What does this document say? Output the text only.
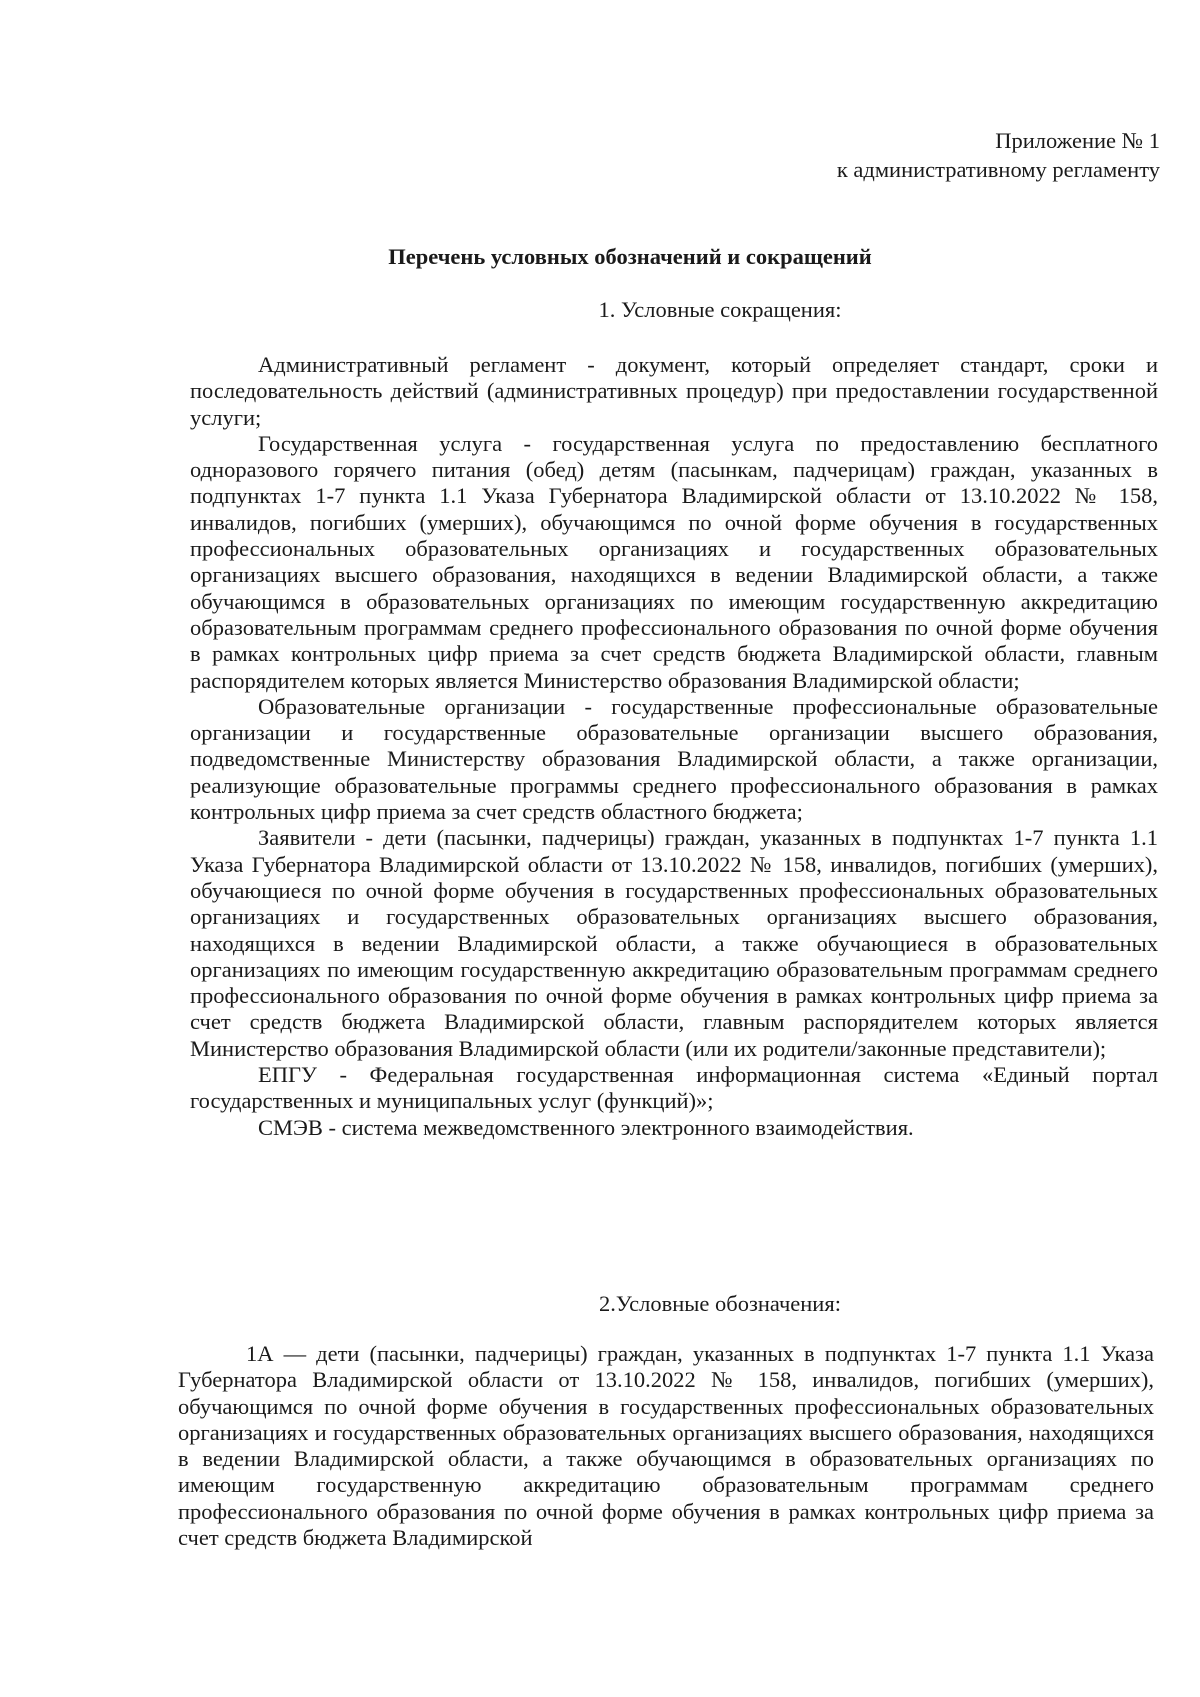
Приложение № 1
к административному регламенту
Перечень условных обозначений и сокращений
1. Условные сокращения:

Административный регламент - документ, который определяет стандарт, сроки и последовательность действий (административных процедур) при предоставлении государственной услуги;

Государственная услуга - государственная услуга по предоставлению бесплатного одноразового горячего питания (обед) детям (пасынкам, падчерицам) граждан, указанных в подпунктах 1-7 пункта 1.1 Указа Губернатора Владимирской области от 13.10.2022 № 158, инвалидов, погибших (умерших), обучающимся по очной форме обучения в государственных профессиональных образовательных организациях и государственных образовательных организациях высшего образования, находящихся в ведении Владимирской области, а также обучающимся в образовательных организациях по имеющим государственную аккредитацию образовательным программам среднего профессионального образования по очной форме обучения в рамках контрольных цифр приема за счет средств бюджета Владимирской области, главным распорядителем которых является Министерство образования Владимирской области;

Образовательные организации - государственные профессиональные образовательные организации и государственные образовательные организации высшего образования, подведомственные Министерству образования Владимирской области, а также организации, реализующие образовательные программы среднего профессионального образования в рамках контрольных цифр приема за счет средств областного бюджета;

Заявители - дети (пасынки, падчерицы) граждан, указанных в подпунктах 1-7 пункта 1.1 Указа Губернатора Владимирской области от 13.10.2022 № 158, инвалидов, погибших (умерших), обучающиеся по очной форме обучения в государственных профессиональных образовательных организациях и государственных образовательных организациях высшего образования, находящихся в ведении Владимирской области, а также обучающиеся в образовательных организациях по имеющим государственную аккредитацию образовательным программам среднего профессионального образования по очной форме обучения в рамках контрольных цифр приема за счет средств бюджета Владимирской области, главным распорядителем которых является Министерство образования Владимирской области (или их родители/законные представители);

ЕПГУ - Федеральная государственная информационная система «Единый портал государственных и муниципальных услуг (функций)»;

СМЭВ - система межведомственного электронного взаимодействия.

2.Условные обозначения:

1А — дети (пасынки, падчерицы) граждан, указанных в подпунктах 1-7 пункта 1.1 Указа Губернатора Владимирской области от 13.10.2022 № 158, инвалидов, погибших (умерших), обучающимся по очной форме обучения в государственных профессиональных образовательных организациях и государственных образовательных организациях высшего образования, находящихся в ведении Владимирской области, а также обучающимся в образовательных организациях по имеющим государственную аккредитацию образовательным программам среднего профессионального образования по очной форме обучения в рамках контрольных цифр приема за счет средств бюджета Владимирской
